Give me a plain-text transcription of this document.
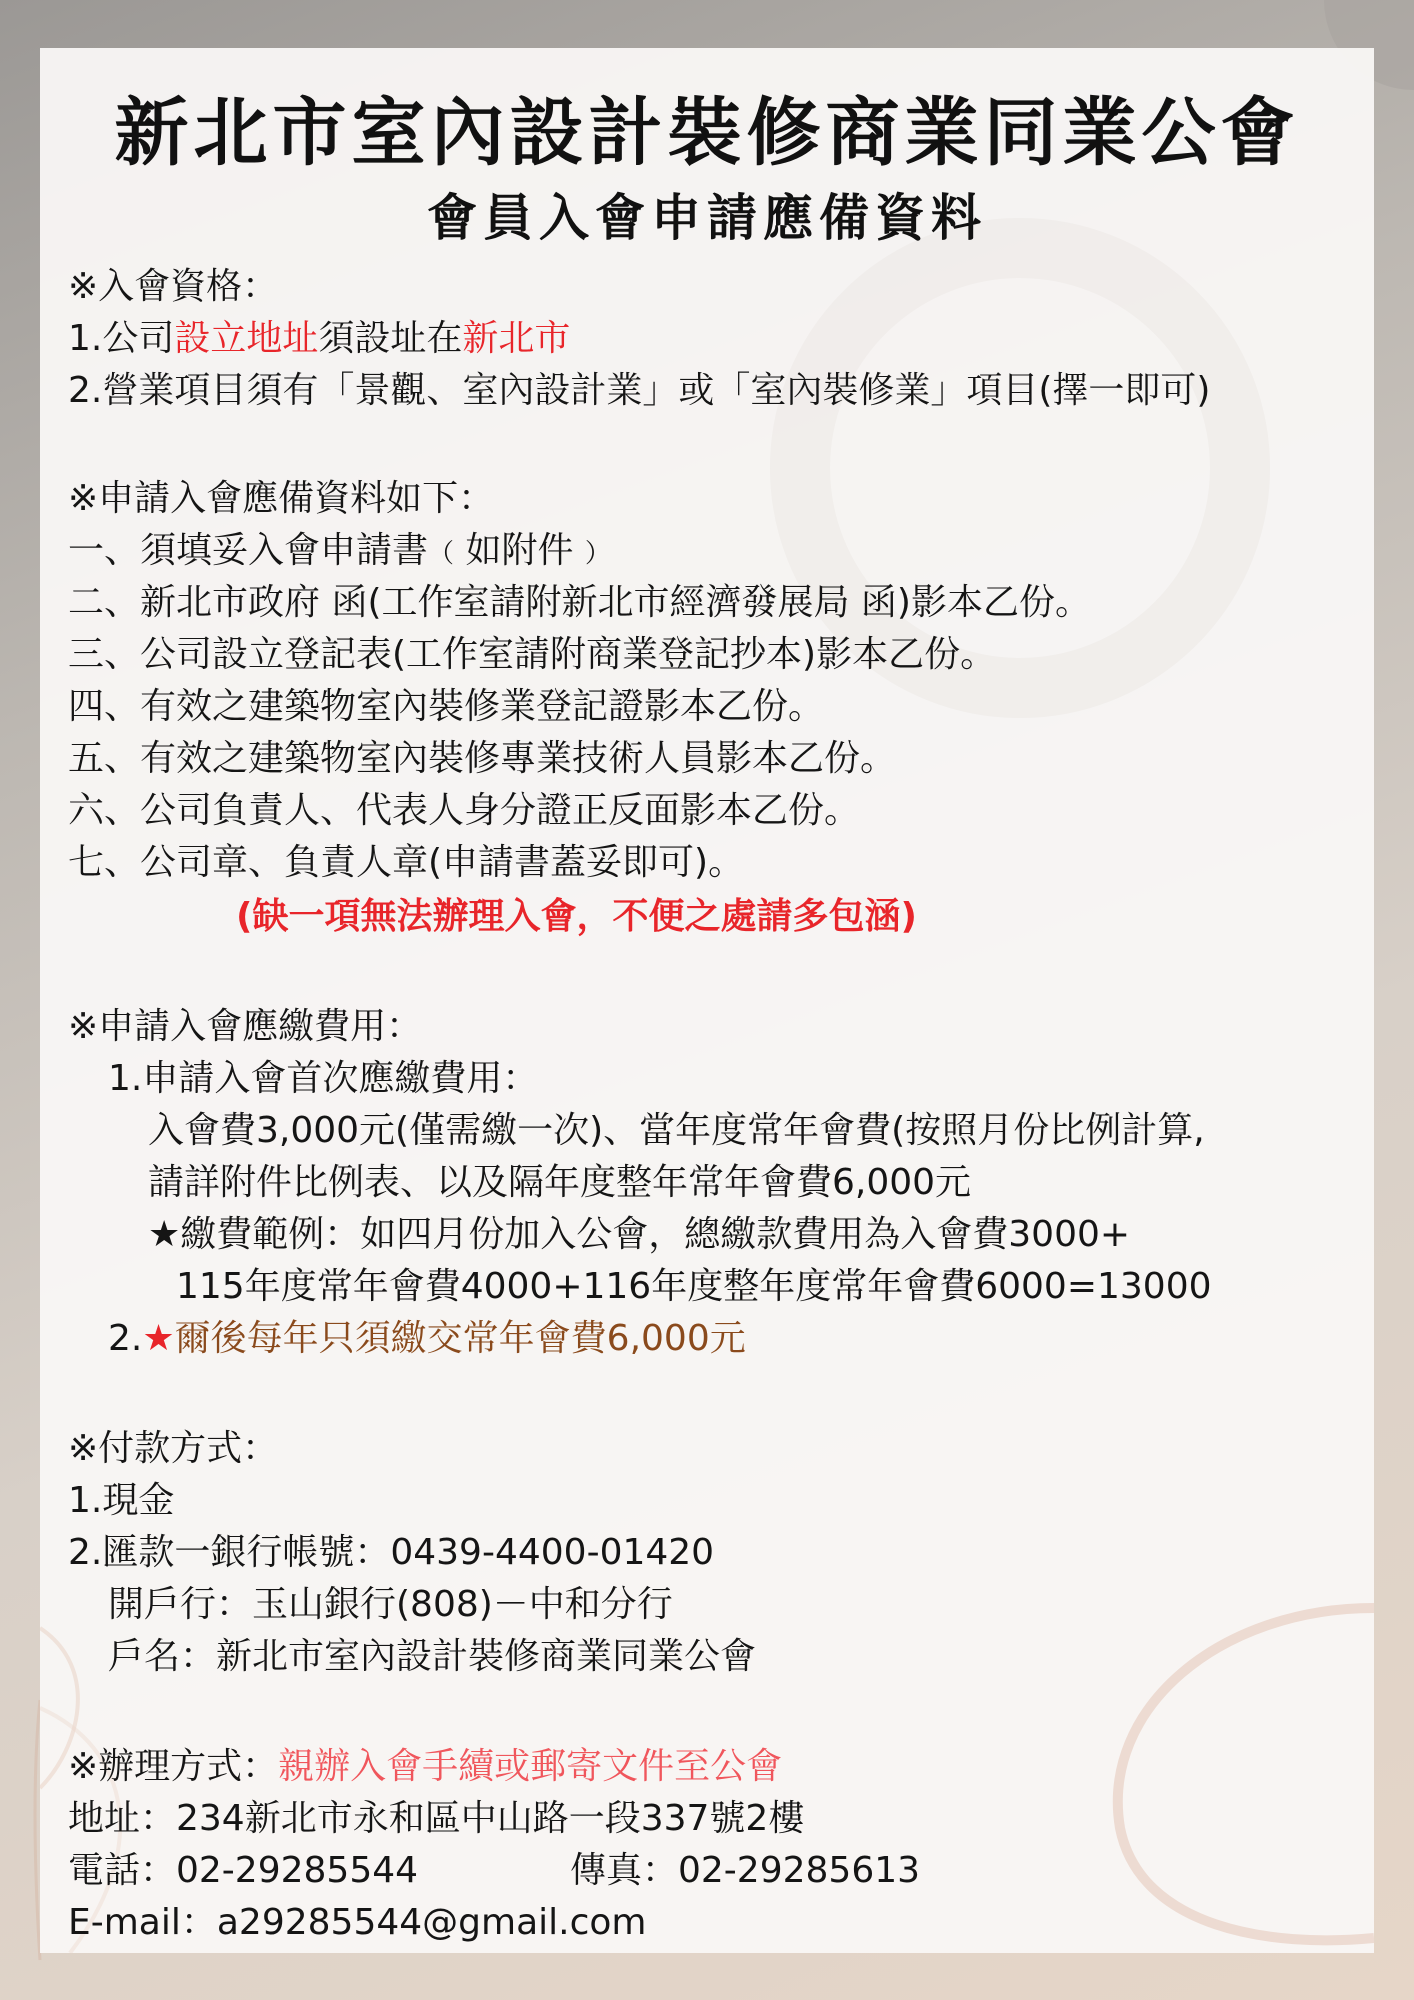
新北市室內設計裝修商業同業公會
會員入會申請應備資料
※入會資格：
1.公司設立地址須設址在新北市
2.營業項目須有「景觀、室內設計業」或「室內裝修業」項目(擇一即可)
※申請入會應備資料如下：
一、須填妥入會申請書（ 如附件 ）
二、新北市政府 函(工作室請附新北市經濟發展局 函)影本乙份。
三、公司設立登記表(工作室請附商業登記抄本)影本乙份。
四、有效之建築物室內裝修業登記證影本乙份。
五、有效之建築物室內裝修專業技術人員影本乙份。
六、公司負責人、代表人身分證正反面影本乙份。
七、公司章、負責人章(申請書蓋妥即可)。
(缺一項無法辦理入會，不便之處請多包涵)
※申請入會應繳費用：
1.申請入會首次應繳費用：
入會費3,000元(僅需繳一次)、當年度常年會費(按照月份比例計算,
請詳附件比例表、以及隔年度整年常年會費6,000元
★繳費範例：如四月份加入公會，總繳款費用為入會費3000+
115年度常年會費4000+116年度整年度常年會費6000=13000
2.★爾後每年只須繳交常年會費6,000元
※付款方式：
1.現金
2.匯款一銀行帳號：0439-4400-01420
開戶行：玉山銀行(808)－中和分行
戶名：新北市室內設計裝修商業同業公會
※辦理方式：親辦入會手續或郵寄文件至公會
地址：234新北市永和區中山路一段337號2樓
電話：02-29285544	傳真：02-29285613
E-mail：a29285544@gmail.com
